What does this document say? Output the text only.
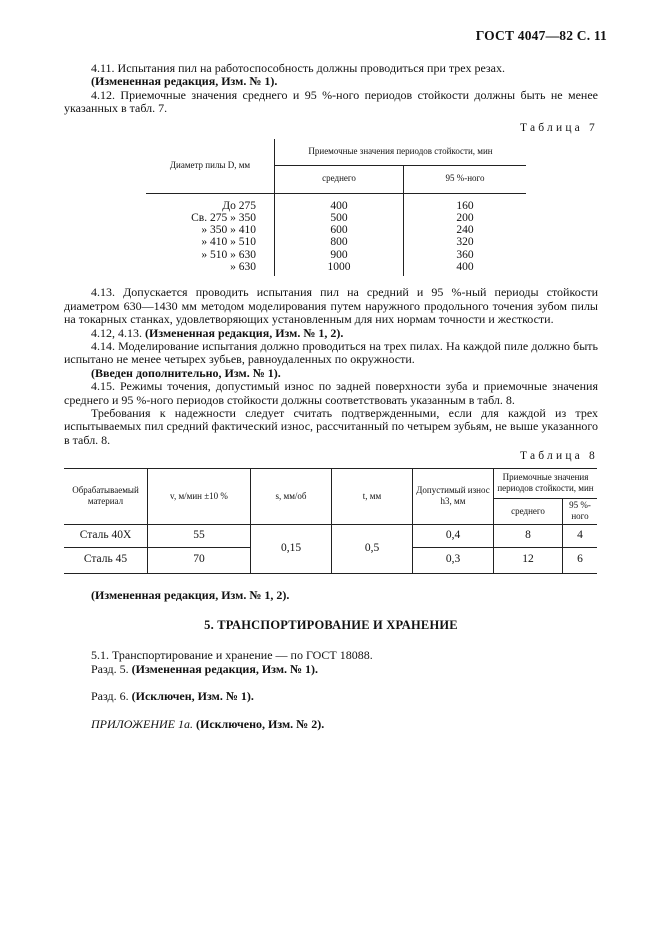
ГОСТ 4047—82 С. 11

4.11. Испытания пил на работоспособность должны проводиться при трех резах.

(Измененная редакция, Изм. № 1).

4.12. Приемочные значения среднего и 95 %-ного периодов стойкости должны быть не менее указанных в табл. 7.

Таблица 7
Диаметр пилы D, мм	Приемочные значения периодов стойкости, мин	
	среднего	95 %-ного

До 275	400	160
Св. 275 » 350	500	200
» 350 » 410	600	240
» 410 » 510	800	320
» 510 » 630	900	360
» 630	1000	400

4.13. Допускается проводить испытания пил на средний и 95 %-ный периоды стойкости диаметром 630—1430 мм методом моделирования путем наружного продольного точения зубом пилы на токарных станках, удовлетворяющих установленным для них нормам точности и жесткости.

4.12, 4.13. (Измененная редакция, Изм. № 1, 2).

4.14. Моделирование испытания должно проводиться на трех пилах. На каждой пиле должно быть испытано не менее четырех зубьев, равноудаленных по окружности.

(Введен дополнительно, Изм. № 1).

4.15. Режимы точения, допустимый износ по задней поверхности зуба и приемочные значения среднего и 95 %-ного периодов стойкости должны соответствовать указанным в табл. 8.

Требования к надежности следует считать подтвержденными, если для каждой из трех испытываемых пил средний фактический износ, рассчитанный по четырем зубьям, не выше указанного в табл. 8.

Таблица 8
Обрабатываемый материал	v, м/мин ±10 %	s, мм/об	t, мм	Допустимый износ h3, мм	Приемочные значения периодов стойкости, мин	
					среднего	95 %-ного
Сталь 40Х	55	0,15	0,5	0,4	8	4
Сталь 45	70			0,3	12	6

(Измененная редакция, Изм. № 1, 2).

5. ТРАНСПОРТИРОВАНИЕ И ХРАНЕНИЕ

5.1. Транспортирование и хранение — по ГОСТ 18088.

Разд. 5. (Измененная редакция, Изм. № 1).

Разд. 6. (Исключен, Изм. № 1).

ПРИЛОЖЕНИЕ 1а. (Исключено, Изм. № 2).
